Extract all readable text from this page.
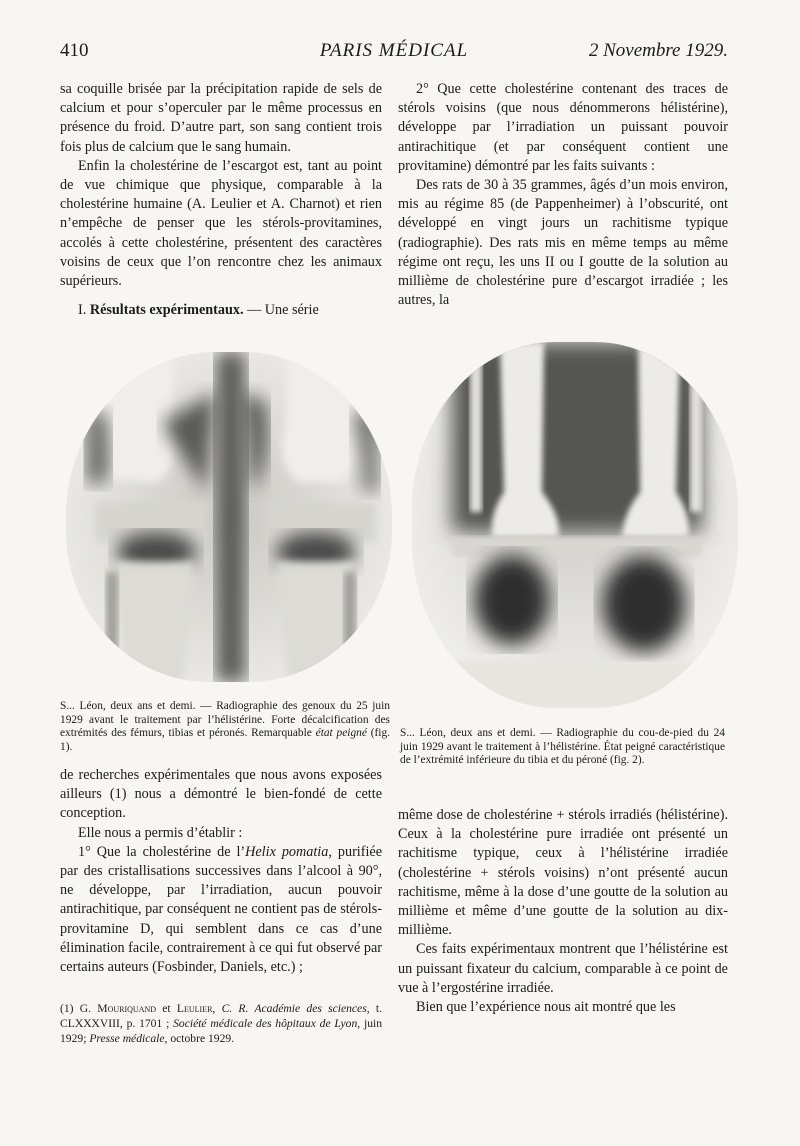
410	PARIS MÉDICAL	2 Novembre 1929.

sa coquille brisée par la précipitation rapide de sels de calcium et pour s’operculer par le même processus en présence du froid. D’autre part, son sang contient trois fois plus de calcium que le sang humain.

Enfin la cholestérine de l’escargot est, tant au point de vue chimique que physique, comparable à la cholestérine humaine (A. Leulier et A. Charnot) et rien n’empêche de penser que les stérols-provitamines, accolés à cette cholestérine, présentent des caractères voisins de ceux que l’on rencontre chez les animaux supérieurs.

I. Résultats expérimentaux. — Une série

2° Que cette cholestérine contenant des traces de stérols voisins (que nous dénommerons hélistérine), développe par l’irradiation un puissant pouvoir antirachitique (et par conséquent contient une provitamine) démontré par les faits suivants :

Des rats de 30 à 35 grammes, âgés d’un mois environ, mis au régime 85 (de Pappenheimer) à l’obscurité, ont développé en vingt jours un rachitisme typique (radiographie). Des rats mis en même temps au même régime ont reçu, les uns II ou I goutte de la solution au millième de cholestérine pure d’escargot irradiée ; les autres, la

S... Léon, deux ans et demi. — Radiographie des genoux du 25 juin 1929 avant le traitement par l’hélistérine. Forte décalcification des extrémités des fémurs, tibias et péronés. Remarquable état peigné (fig. 1).
S... Léon, deux ans et demi. — Radiographie du cou-de-pied du 24 juin 1929 avant le traitement à l’hélistérine. État peigné caractéristique de l’extrémité inférieure du tibia et du péroné (fig. 2).

de recherches expérimentales que nous avons exposées ailleurs (1) nous a démontré le bien-fondé de cette conception.

Elle nous a permis d’établir :

1° Que la cholestérine de l’Helix pomatia, purifiée par des cristallisations successives dans l’alcool à 90°, ne développe, par l’irradiation, aucun pouvoir antirachitique, par conséquent ne contient pas de stérols-provitamine D, qui semblent dans ce cas d’une élimination facile, contrairement à ce qui fut observé par certains auteurs (Fosbinder, Daniels, etc.) ;

(1) G. Mouriquand et Leulier, C. R. Académie des sciences, t. CLXXXVIII, p. 1701 ; Société médicale des hôpitaux de Lyon, juin 1929; Presse médicale, octobre 1929.

même dose de cholestérine + stérols irradiés (hélistérine). Ceux à la cholestérine pure irradiée ont présenté un rachitisme typique, ceux à l’hélistérine irradiée (cholestérine + stérols voisins) n’ont présenté aucun rachitisme, même à la dose d’une goutte de la solution au millième et même d’une goutte de la solution au dix-millième.

Ces faits expérimentaux montrent que l’hélistérine est un puissant fixateur du calcium, comparable à ce point de vue à l’ergostérine irradiée.

Bien que l’expérience nous ait montré que les
